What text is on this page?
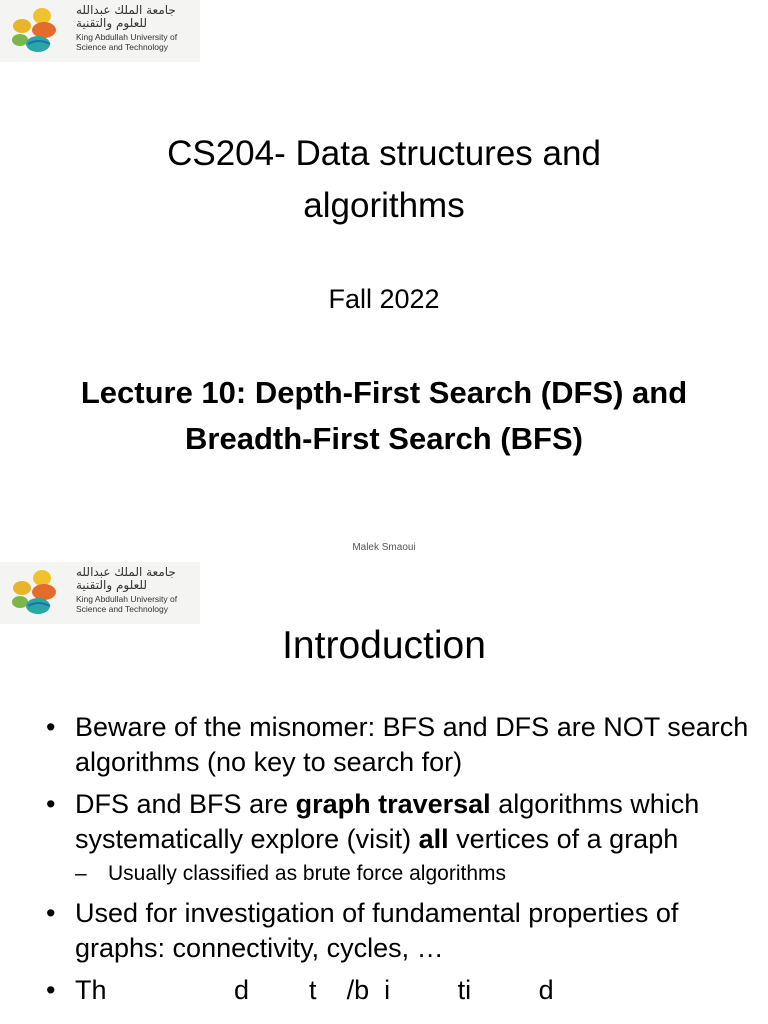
جامعة الملك عبدالله
للعلوم والتقنية
King Abdullah University of
Science and Technology
CS204- Data structures and
algorithms
Fall 2022
Lecture 10: Depth-First Search (DFS) and
Breadth-First Search (BFS)
Malek Smaoui
جامعة الملك عبدالله
للعلوم والتقنية
King Abdullah University of
Science and Technology
Introduction
• Beware of the misnomer: BFS and DFS are NOT search algorithms (no key to search for)
• DFS and BFS are graph traversal algorithms which systematically explore (visit) all vertices of a graph
– Usually classified as brute force algorithms
• Used for investigation of fundamental properties of graphs: connectivity, cycles, …
• Th                 d        t    /b  i         ti         d
